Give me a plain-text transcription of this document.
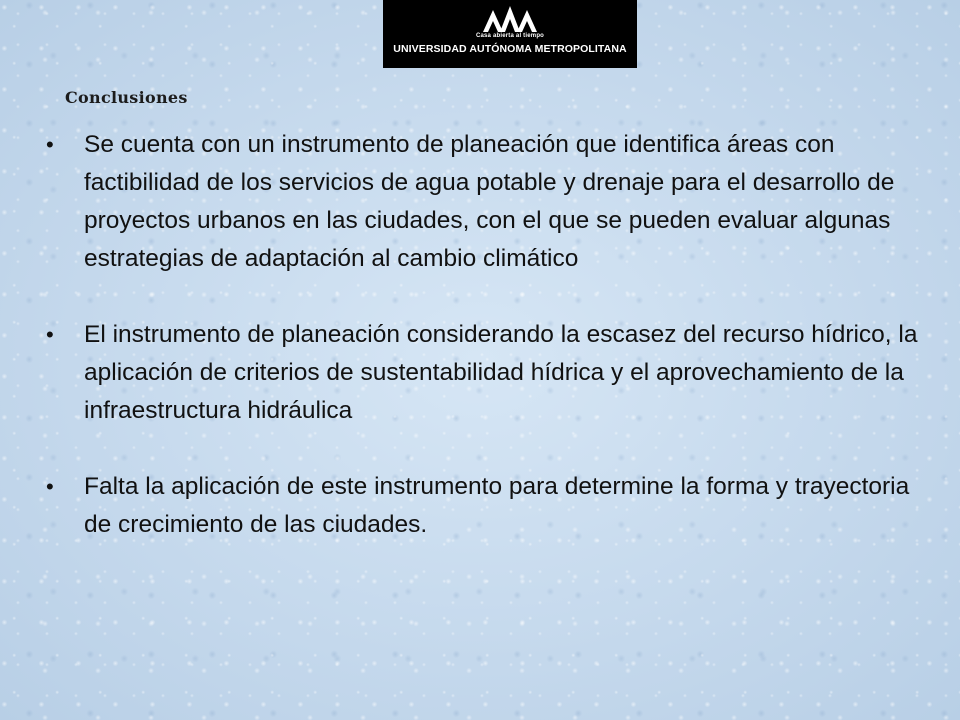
Casa abierta al tiempo
UNIVERSIDAD AUTÓNOMA METROPOLITANA
Conclusiones
•	Se cuenta con un instrumento de planeación que identifica áreas con factibilidad de los servicios de agua potable y drenaje para el desarrollo de proyectos urbanos en las ciudades, con el que se pueden evaluar algunas estrategias de adaptación al cambio climático
•	El instrumento de planeación considerando la escasez del recurso hídrico, la aplicación de criterios de sustentabilidad hídrica y el aprovechamiento de la infraestructura hidráulica
•	Falta la aplicación de este instrumento para determine la forma y trayectoria de crecimiento de las ciudades.
